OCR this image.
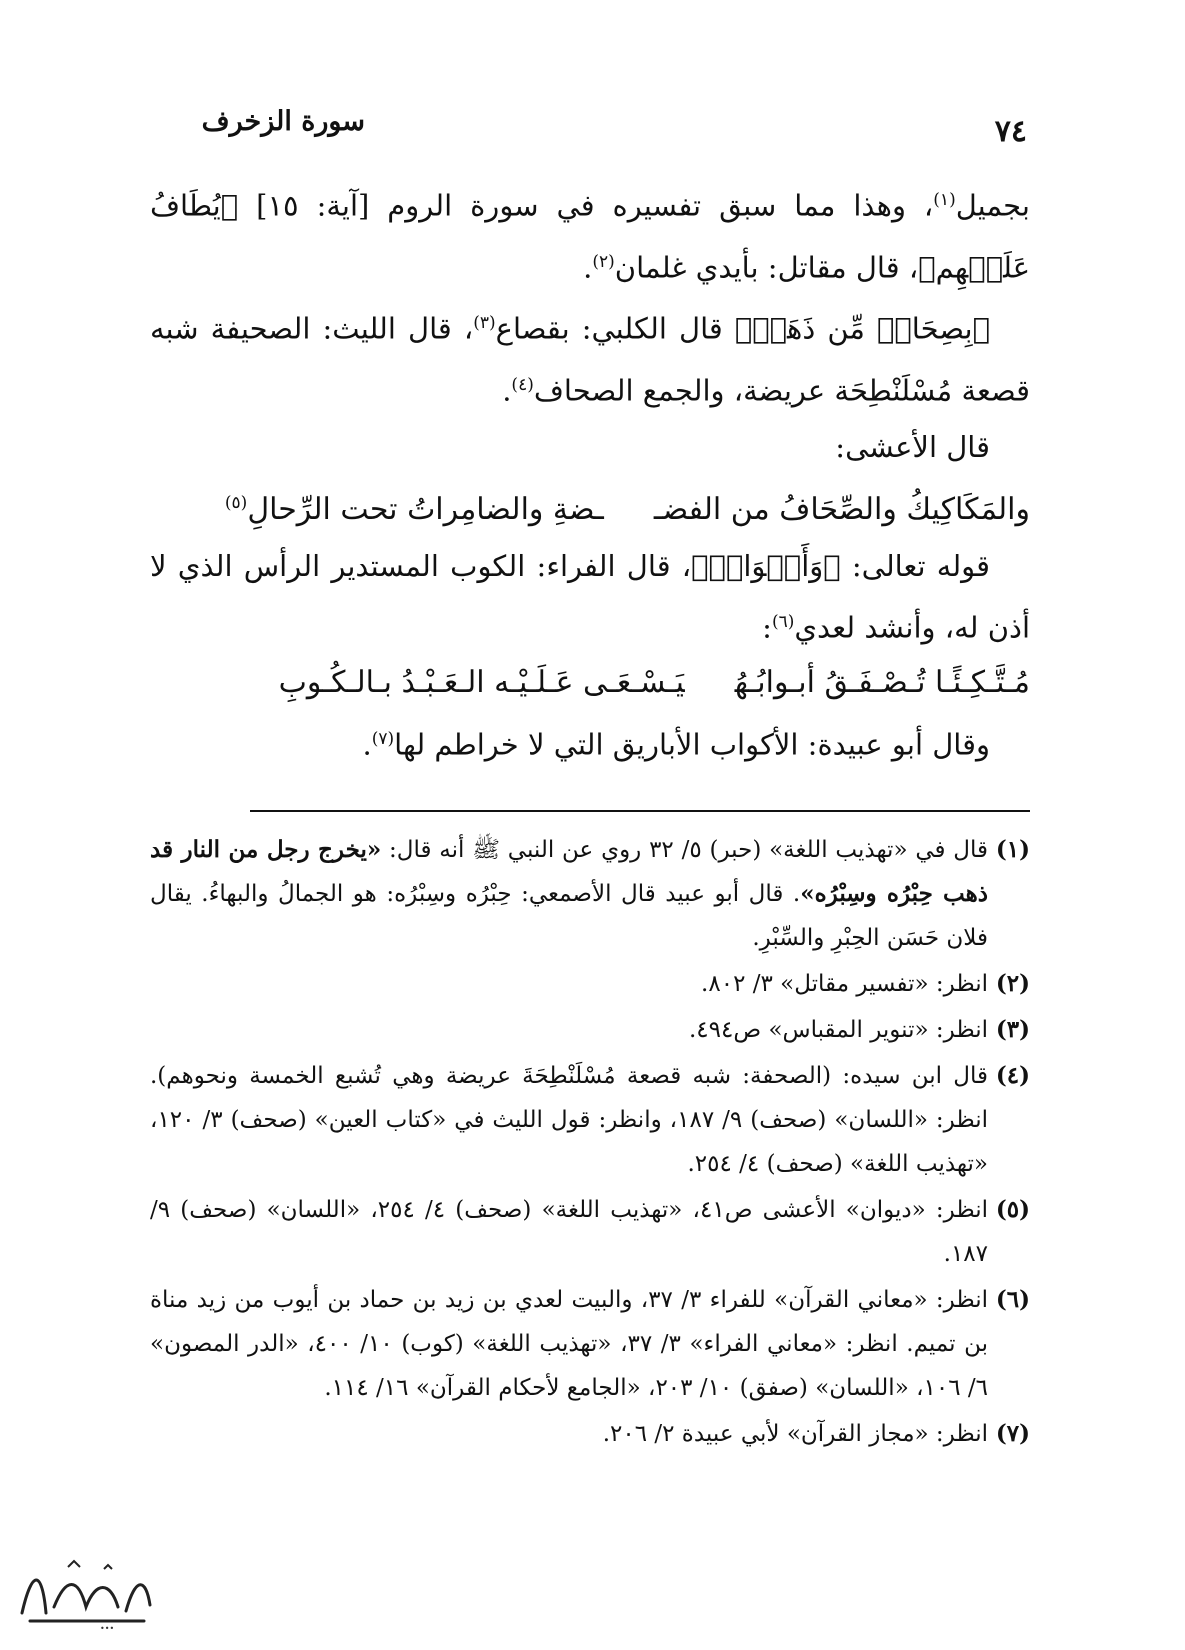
سورة الزخرف	٧٤
بجميل$^{(١)}$، وهذا مما سبق تفسيره في سورة الروم [آية: ١٥] ﴿يُطَافُ عَلَيۡهِم﴾، قال مقاتل: بأيدي غلمان$^{(٢)}$.
﴿بِصِحَافٖ مِّن ذَهَبٖ﴾ قال الكلبي: بقصاع$^{(٣)}$، قال الليث: الصحيفة شبه قصعة مُسْلَنْطِحَة عريضة، والجمع الصحاف$^{(٤)}$.
قال الأعشى:
والمَكَاكِيكُ والصِّحَافُ من الفضــضةِ والضامِراتُ تحت الرِّحالِ$^{(٥)}$
قوله تعالى: ﴿وَأَكۡوَابٖ﴾، قال الفراء: الكوب المستدير الرأس الذي لا أذن له، وأنشد لعدي$^{(٦)}$:
مُـتَّـكِـئًـا تُـصْـفَـقُ أبـوابُـهُيَـسْـعَـى عَـلَـيْـه الـعَـبْـدُ بـالـكُـوبِ
وقال أبو عبيدة: الأكواب الأباريق التي لا خراطم لها$^{(٧)}$.
(١)
قال في «تهذيب اللغة» (حبر) ٥/ ٣٢ روي عن النبي ﷺ أنه قال: «يخرج رجل من النار قد ذهب حِبْرُه وسِبْرُه». قال أبو عبيد قال الأصمعي: حِبْرُه وسِبْرُه: هو الجمالُ والبهاءُ. يقال فلان حَسَن الحِبْرِ والسِّبْرِ.
(٢)
انظر: «تفسير مقاتل» ٣/ ٨٠٢.
(٣)
انظر: «تنوير المقباس» ص٤٩٤.
(٤)
قال ابن سيده: (الصحفة: شبه قصعة مُسْلَنْطِحَةَ عريضة وهي تُشبع الخمسة ونحوهم). انظر: «اللسان» (صحف) ٩/ ١٨٧، وانظر: قول الليث في «كتاب العين» (صحف) ٣/ ١٢٠، «تهذيب اللغة» (صحف) ٤/ ٢٥٤.
(٥)
انظر: «ديوان» الأعشى ص٤١، «تهذيب اللغة» (صحف) ٤/ ٢٥٤، «اللسان» (صحف) ٩/ ١٨٧.
(٦)
انظر: «معاني القرآن» للفراء ٣/ ٣٧، والبيت لعدي بن زيد بن حماد بن أيوب من زيد مناة بن تميم. انظر: «معاني الفراء» ٣/ ٣٧، «تهذيب اللغة» (كوب) ١٠/ ٤٠٠، «الدر المصون» ٦/ ١٠٦، «اللسان» (صفق) ١٠/ ٢٠٣، «الجامع لأحكام القرآن» ١٦/ ١١٤.
(٧)
انظر: «مجاز القرآن» لأبي عبيدة ٢/ ٢٠٦.
•••
